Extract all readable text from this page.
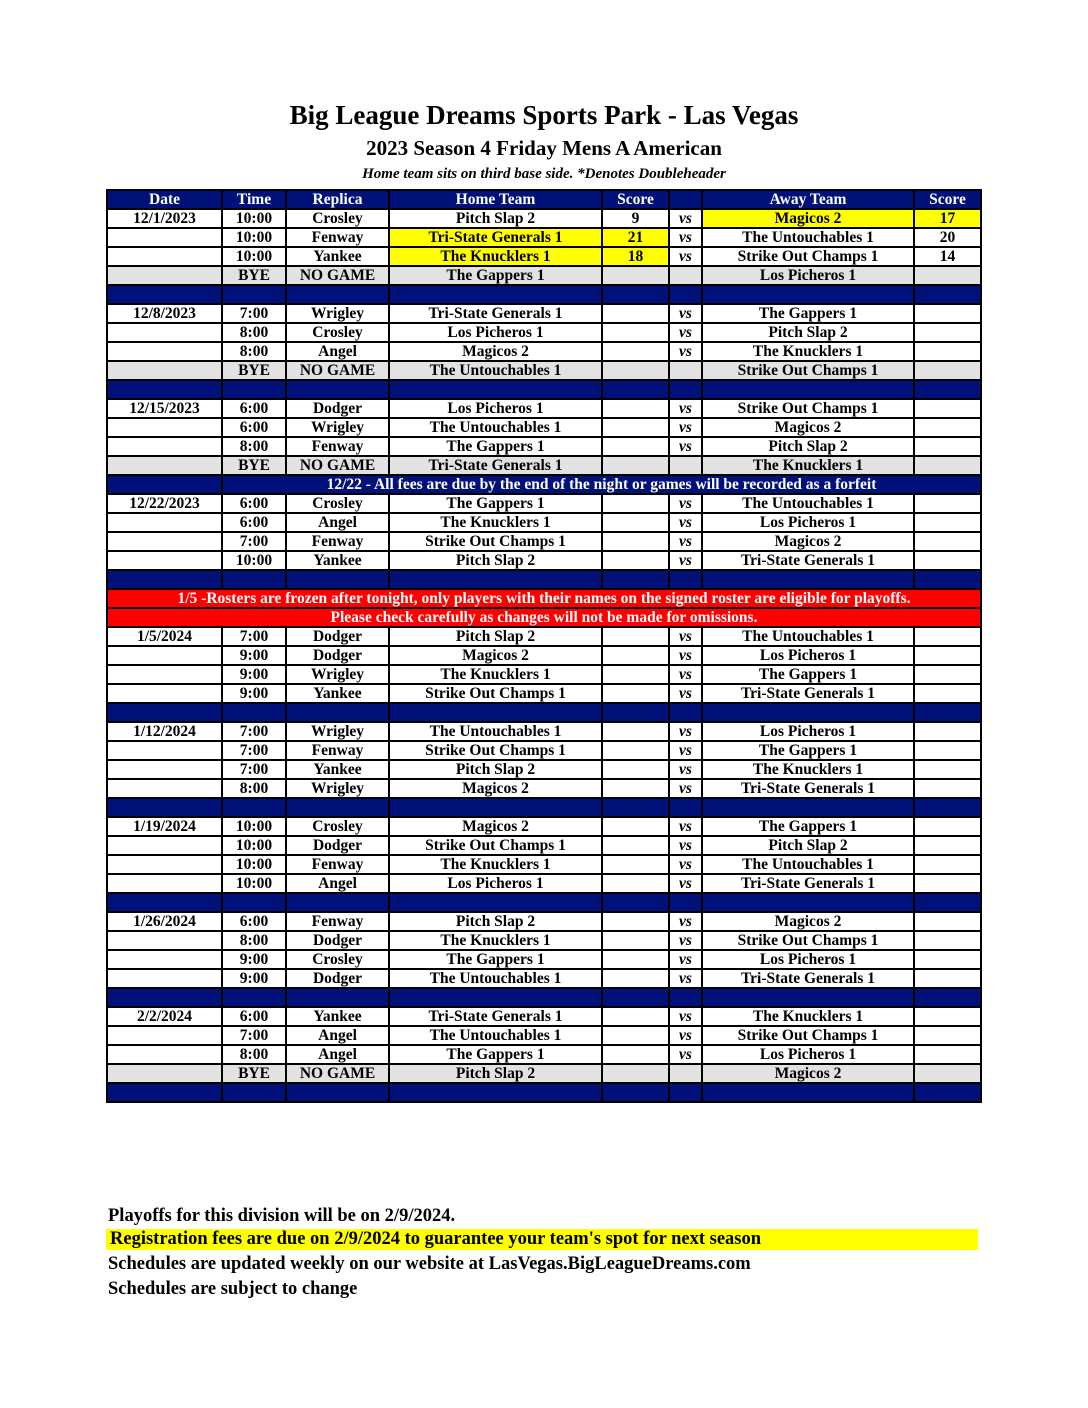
Big League Dreams Sports Park - Las Vegas
2023 Season 4 Friday Mens A American
Home team sits on third base side. *Denotes Doubleheader
Date	Time	Replica	Home Team	Score		Away Team	Score
12/1/2023	10:00	Crosley	Pitch Slap 2	9	vs	Magicos 2	17
	10:00	Fenway	Tri-State Generals 1	21	vs	The Untouchables 1	20
	10:00	Yankee	The Knucklers 1	18	vs	Strike Out Champs 1	14
	BYE	NO GAME	The Gappers 1			Los Picheros 1	

12/8/2023	7:00	Wrigley	Tri-State Generals 1		vs	The Gappers 1	
	8:00	Crosley	Los Picheros 1		vs	Pitch Slap 2	
	8:00	Angel	Magicos 2		vs	The Knucklers 1	
	BYE	NO GAME	The Untouchables 1			Strike Out Champs 1	

12/15/2023	6:00	Dodger	Los Picheros 1		vs	Strike Out Champs 1	
	6:00	Wrigley	The Untouchables 1		vs	Magicos 2	
	8:00	Fenway	The Gappers 1		vs	Pitch Slap 2	
	BYE	NO GAME	Tri-State Generals 1			The Knucklers 1	
	12/22 - All fees are due by the end of the night or games will be recorded as a forfeit						
12/22/2023	6:00	Crosley	The Gappers 1		vs	The Untouchables 1	
	6:00	Angel	The Knucklers 1		vs	Los Picheros 1	
	7:00	Fenway	Strike Out Champs 1		vs	Magicos 2	
	10:00	Yankee	Pitch Slap 2		vs	Tri-State Generals 1	

1/5 -Rosters are frozen after tonight, only players with their names on the signed roster are eligible for playoffs.							
Please check carefully as changes will not be made for omissions.							
1/5/2024	7:00	Dodger	Pitch Slap 2		vs	The Untouchables 1	
	9:00	Dodger	Magicos 2		vs	Los Picheros 1	
	9:00	Wrigley	The Knucklers 1		vs	The Gappers 1	
	9:00	Yankee	Strike Out Champs 1		vs	Tri-State Generals 1	

1/12/2024	7:00	Wrigley	The Untouchables 1		vs	Los Picheros 1	
	7:00	Fenway	Strike Out Champs 1		vs	The Gappers 1	
	7:00	Yankee	Pitch Slap 2		vs	The Knucklers 1	
	8:00	Wrigley	Magicos 2		vs	Tri-State Generals 1	

1/19/2024	10:00	Crosley	Magicos 2		vs	The Gappers 1	
	10:00	Dodger	Strike Out Champs 1		vs	Pitch Slap 2	
	10:00	Fenway	The Knucklers 1		vs	The Untouchables 1	
	10:00	Angel	Los Picheros 1		vs	Tri-State Generals 1	

1/26/2024	6:00	Fenway	Pitch Slap 2		vs	Magicos 2	
	8:00	Dodger	The Knucklers 1		vs	Strike Out Champs 1	
	9:00	Crosley	The Gappers 1		vs	Los Picheros 1	
	9:00	Dodger	The Untouchables 1		vs	Tri-State Generals 1	

2/2/2024	6:00	Yankee	Tri-State Generals 1		vs	The Knucklers 1	
	7:00	Angel	The Untouchables 1		vs	Strike Out Champs 1	
	8:00	Angel	The Gappers 1		vs	Los Picheros 1	
	BYE	NO GAME	Pitch Slap 2			Magicos 2	

Playoffs for this division will be on 2/9/2024.
Registration fees are due on 2/9/2024 to guarantee your team's spot for next season
Schedules are updated weekly on our website at LasVegas.BigLeagueDreams.com
Schedules are subject to change
